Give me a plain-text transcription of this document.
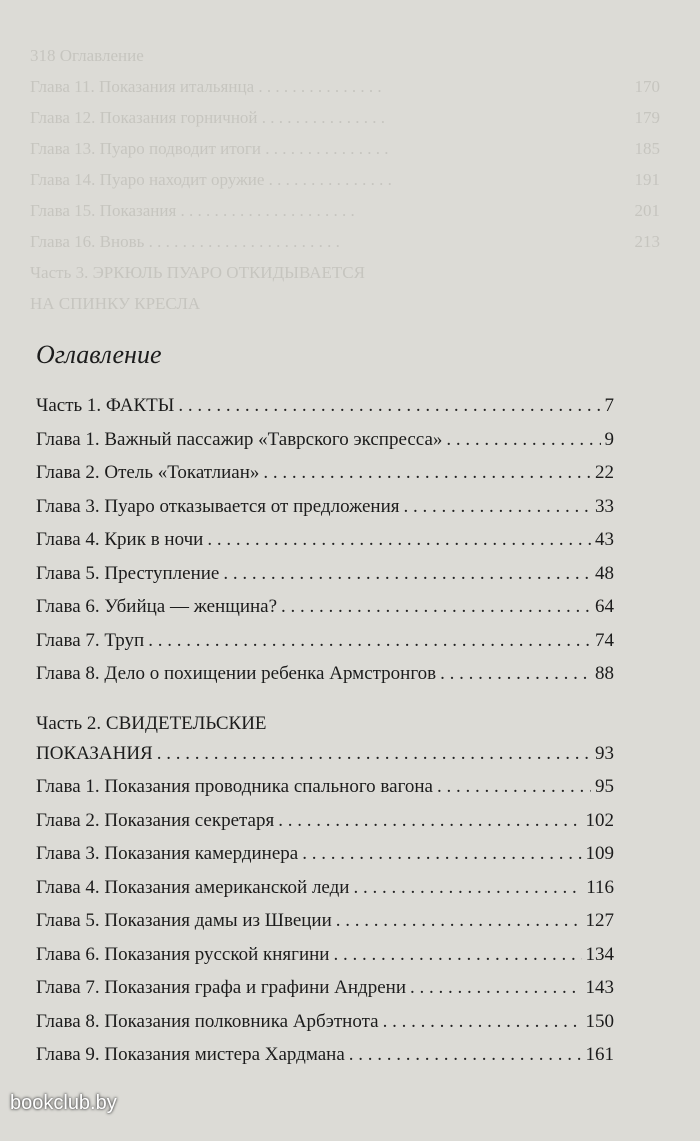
318 Оглавление
Глава 11. Показания итальянца . . . . . . . . . . . . . . .	170
Глава 12. Показания горничной . . . . . . . . . . . . . . .	179
Глава 13. Пуаро подводит итоги . . . . . . . . . . . . . . .	185
Глава 14. Пуаро находит оружие . . . . . . . . . . . . . . .	191
Глава 15. Показания . . . . . . . . . . . . . . . . . . . . .	201
Глава 16. Вновь . . . . . . . . . . . . . . . . . . . . . . .	213
Часть 3. ЭРКЮЛЬ ПУАРО ОТКИДЫВАЕТСЯ
НА СПИНКУ КРЕСЛА
Оглавление
Часть 1. ФАКТЫ . . .	7
Глава 1. Важный пассажир «Таврского экспресса» . . .	9
Глава 2. Отель «Токатлиан» . . .	22
Глава 3. Пуаро отказывается от предложения . . .	33
Глава 4. Крик в ночи . . .	43
Глава 5. Преступление . . .	48
Глава 6. Убийца — женщина? . . .	64
Глава 7. Труп . . .	74
Глава 8. Дело о похищении ребенка Армстронгов . . .	88
Часть 2. СВИДЕТЕЛЬСКИЕ
ПОКАЗАНИЯ . . .	93
Глава 1. Показания проводника спального вагона . . .	95
Глава 2. Показания секретаря . . .	102
Глава 3. Показания камердинера . . .	109
Глава 4. Показания американской леди . . .	116
Глава 5. Показания дамы из Швеции . . .	127
Глава 6. Показания русской княгини . . .	134
Глава 7. Показания графа и графини Андрени . . .	143
Глава 8. Показания полковника Арбэтнота . . .	150
Глава 9. Показания мистера Хардмана . . .	161
bookclub.by
